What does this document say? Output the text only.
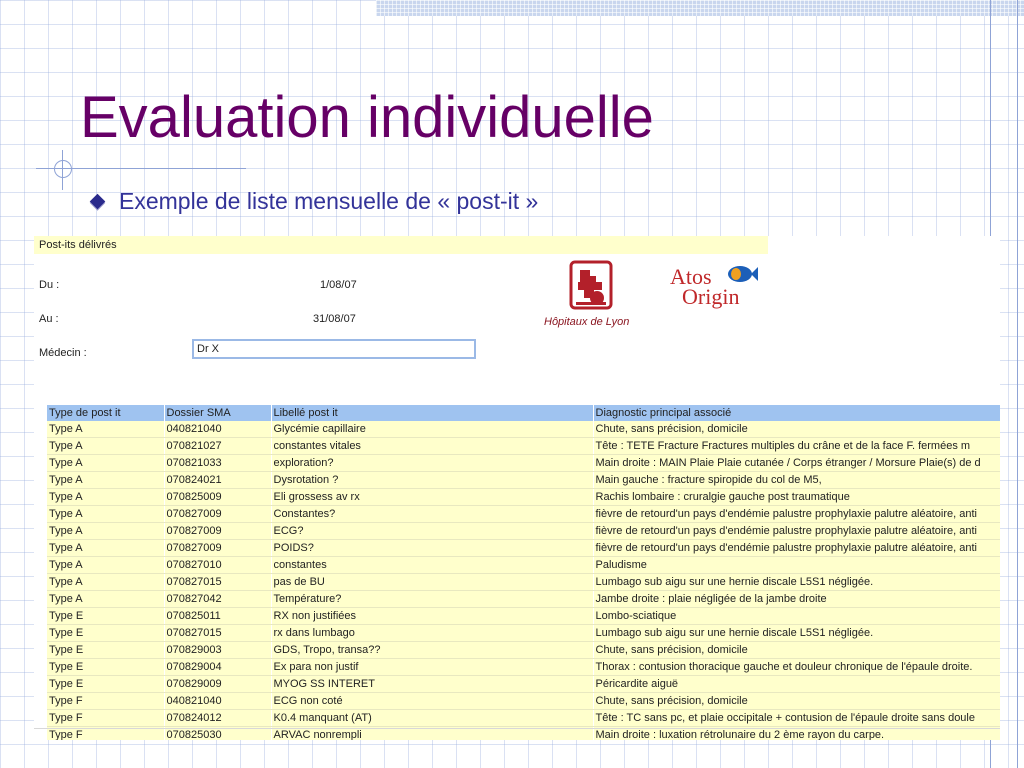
Evaluation individuelle
Exemple de liste mensuelle de « post-it »
Post-its délivrés
Du :	1/08/07
Au :	31/08/07
Médecin :	Dr X
Hôpitaux de Lyon
Atos
Origin
Type de post it	Dossier SMA	Libellé post it	Diagnostic principal associé
Type A	040821040	Glycémie capillaire	Chute, sans précision, domicile
Type A	070821027	constantes vitales	Tête : TETE Fracture Fractures multiples du crâne et de la face F. fermées m
Type A	070821033	exploration?	Main droite : MAIN Plaie Plaie cutanée / Corps étranger / Morsure Plaie(s) de d
Type A	070824021	Dysrotation ?	Main gauche : fracture spiropide du col de M5,
Type A	070825009	Eli grossess av rx	Rachis lombaire : cruralgie gauche post traumatique
Type A	070827009	Constantes?	fièvre de retourd'un pays d'endémie palustre prophylaxie palutre aléatoire, anti
Type A	070827009	ECG?	fièvre de retourd'un pays d'endémie palustre prophylaxie palutre aléatoire, anti
Type A	070827009	POIDS?	fièvre de retourd'un pays d'endémie palustre prophylaxie palutre aléatoire, anti
Type A	070827010	constantes	Paludisme
Type A	070827015	pas de BU	Lumbago sub aigu sur une hernie discale L5S1 négligée.
Type A	070827042	Température?	Jambe droite : plaie négligée de la jambe droite
Type E	070825011	RX non justifiées	Lombo-sciatique
Type E	070827015	rx dans lumbago	Lumbago sub aigu sur une hernie discale L5S1 négligée.
Type E	070829003	GDS, Tropo, transa??	Chute, sans précision, domicile
Type E	070829004	Ex para non justif	Thorax : contusion thoracique gauche et douleur chronique de l'épaule droite.
Type E	070829009	MYOG SS INTERET	Péricardite aiguë
Type F	040821040	ECG non coté	Chute, sans précision, domicile
Type F	070824012	K0.4 manquant (AT)	Tête : TC sans pc, et plaie occipitale + contusion de l'épaule droite sans doule
Type F	070825030	ARVAC nonrempli	Main droite : luxation rétrolunaire du 2 ème rayon du carpe.
